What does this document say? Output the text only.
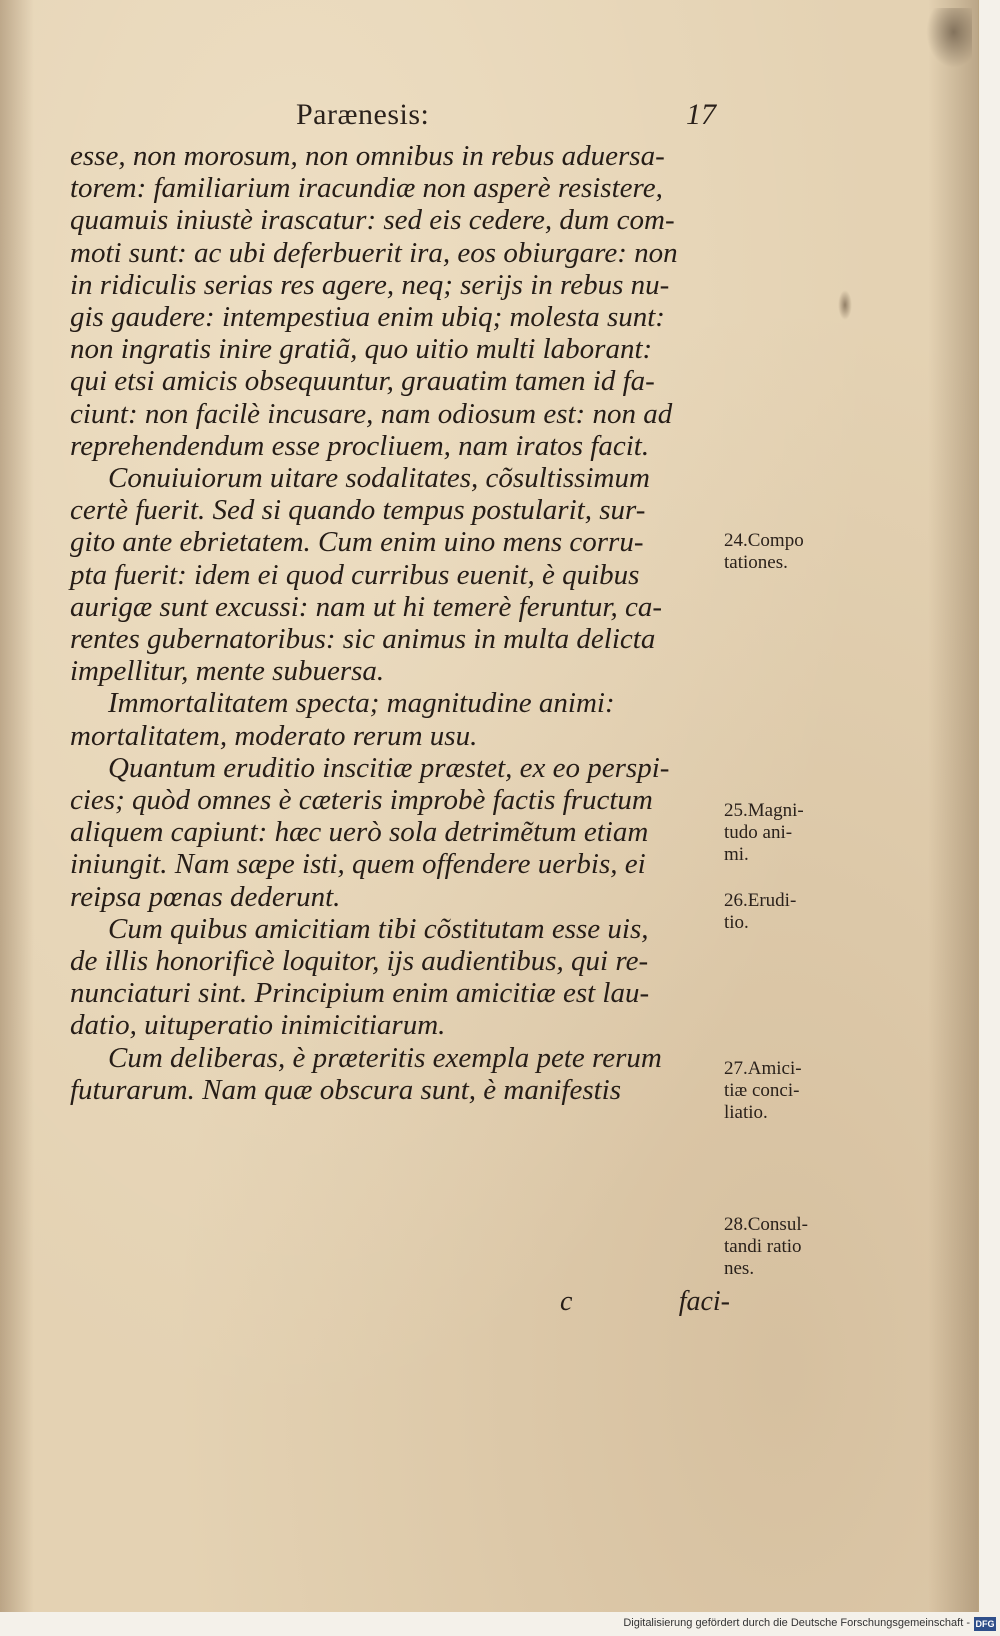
Parænesis:	17

esse, non morosum, non omnibus in rebus aduersa-
torem: familiarium iracundiæ non asperè resistere,
quamuis iniustè irascatur: sed eis cedere, dum com-
moti sunt: ac ubi deferbuerit ira, eos obiurgare: non
in ridiculis serias res agere, neq; serijs in rebus nu-
gis gaudere: intempestiua enim ubiq; molesta sunt:
non ingratis inire gratiã, quo uitio multi laborant:
qui etsi amicis obsequuntur, grauatim tamen id fa-
ciunt: non facilè incusare, nam odiosum est: non ad
reprehendendum esse procliuem, nam iratos facit.

Conuiuiorum uitare sodalitates, cõsultissimum
certè fuerit. Sed si quando tempus postularit, sur-
gito ante ebrietatem. Cum enim uino mens corru-
pta fuerit: idem ei quod curribus euenit, è quibus
aurigæ sunt excussi: nam ut hi temerè feruntur, ca-
rentes gubernatoribus: sic animus in multa delicta
impellitur, mente subuersa.

Immortalitatem specta; magnitudine animi:
mortalitatem, moderato rerum usu.

Quantum eruditio inscitiæ præstet, ex eo perspi-
cies; quòd omnes è cæteris improbè factis fructum
aliquem capiunt: hæc uerò sola detrimẽtum etiam
iniungit. Nam sæpe isti, quem offendere uerbis, ei
reipsa pœnas dederunt.

Cum quibus amicitiam tibi cõstitutam esse uis,
de illis honorificè loquitor, ijs audientibus, qui re-
nunciaturi sint. Principium enim amicitiæ est lau-
datio, uituperatio inimicitiarum.

Cum deliberas, è præteritis exempla pete rerum
futurarum. Nam quæ obscura sunt, è manifestis

24.Compo
tationes.
25.Magni-
tudo ani-
mi.
26.Erudi-
tio.
27.Amici-
tiæ conci-
liatio.
28.Consul-
tandi ratio
nes.
c	faci-
Digitalisierung gefördert durch die Deutsche Forschungsgemeinschaft - DFG
